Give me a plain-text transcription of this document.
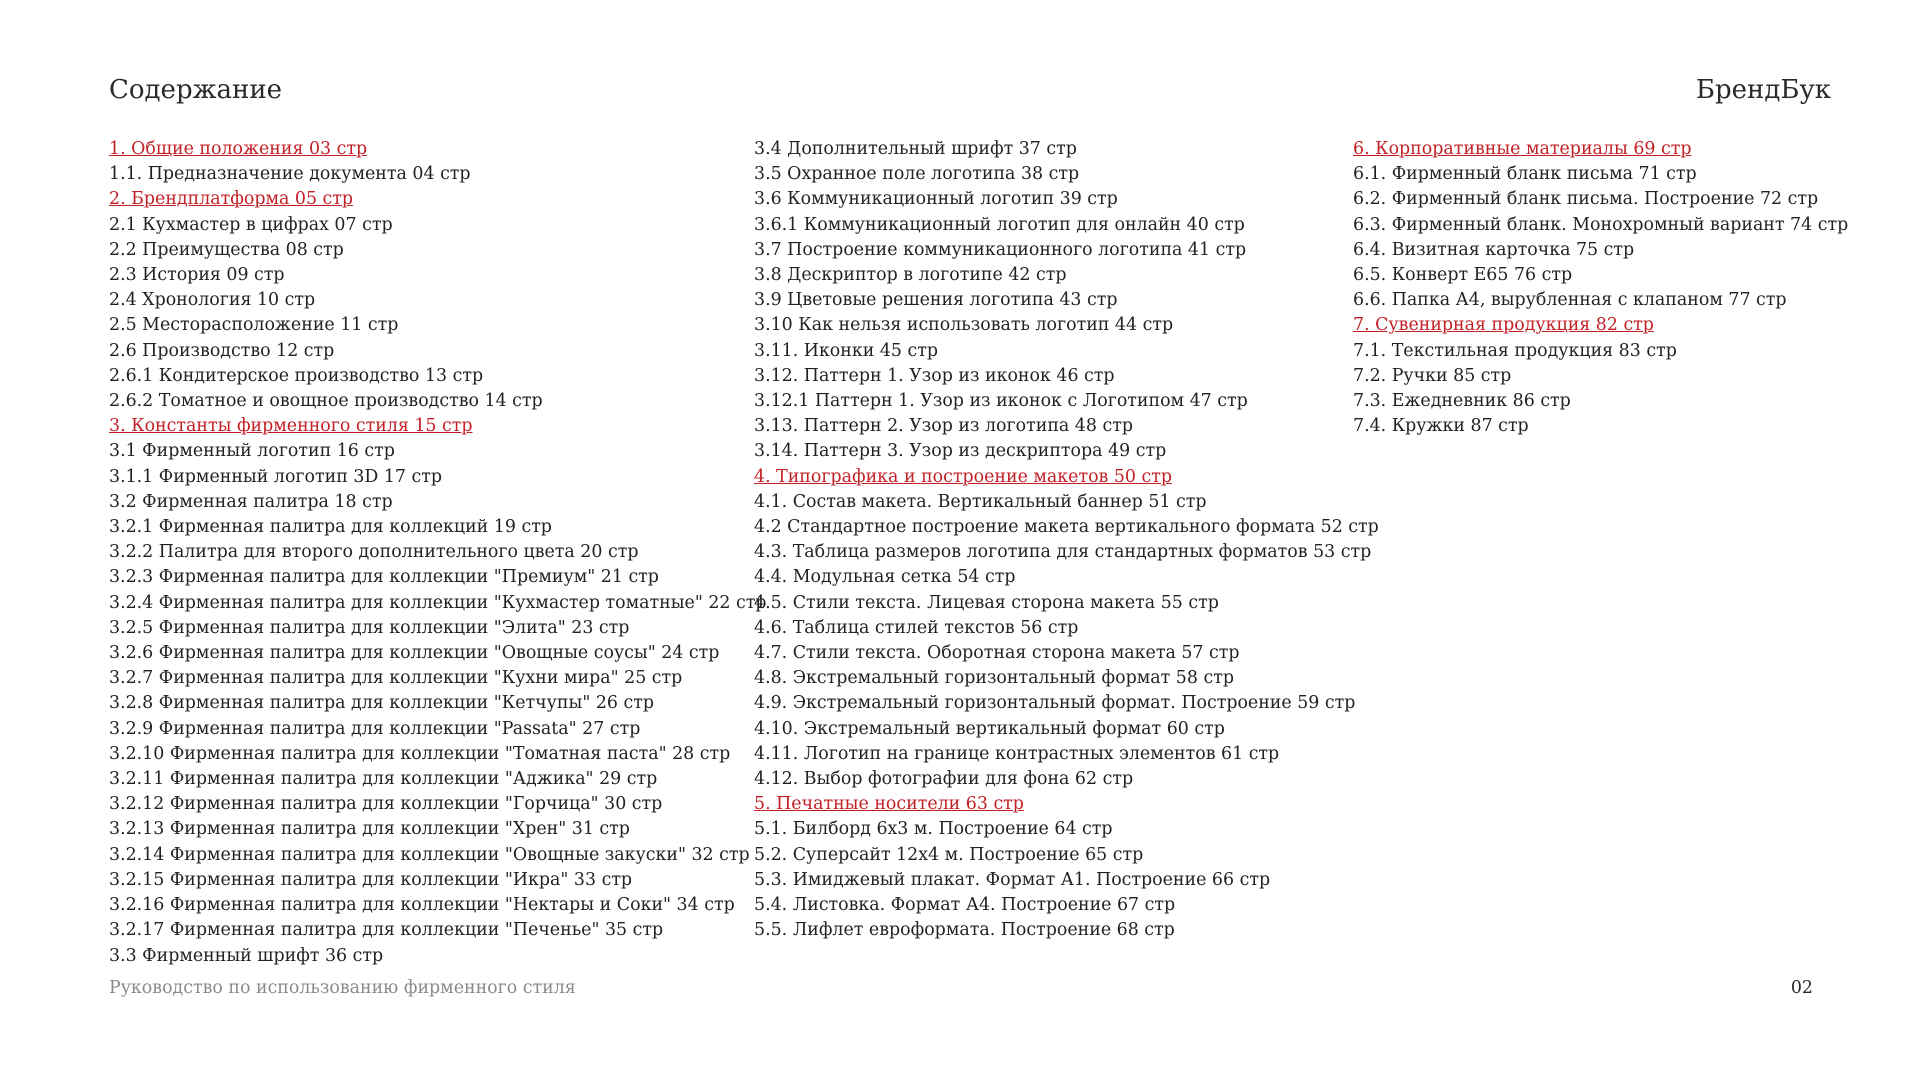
Содержание	БрендБук
1. Общие положения 03 стр
1.1. Предназначение документа 04 стр
2. Брендплатформа 05 стр
2.1 Кухмастер в цифрах 07 стр
2.2 Преимущества 08 стр
2.3 История 09 стр
2.4 Хронология 10 стр
2.5 Месторасположение 11 стр
2.6 Производство 12 стр
2.6.1 Кондитерское производство 13 стр
2.6.2 Томатное и овощное производство 14 стр
3. Константы фирменного стиля 15 стр
3.1 Фирменный логотип 16 стр
3.1.1 Фирменный логотип 3D 17 стр
3.2 Фирменная палитра 18 стр
3.2.1 Фирменная палитра для коллекций 19 стр
3.2.2 Палитра для второго дополнительного цвета 20 стр
3.2.3 Фирменная палитра для коллекции "Премиум" 21 стр
3.2.4 Фирменная палитра для коллекции "Кухмастер томатные" 22 стр
3.2.5 Фирменная палитра для коллекции "Элита" 23 стр
3.2.6 Фирменная палитра для коллекции "Овощные соусы" 24 стр
3.2.7 Фирменная палитра для коллекции "Кухни мира" 25 стр
3.2.8 Фирменная палитра для коллекции "Кетчупы" 26 стр
3.2.9 Фирменная палитра для коллекции "Passata" 27 стр
3.2.10 Фирменная палитра для коллекции "Томатная паста" 28 стр
3.2.11 Фирменная палитра для коллекции "Аджика" 29 стр
3.2.12 Фирменная палитра для коллекции "Горчица" 30 стр
3.2.13 Фирменная палитра для коллекции "Хрен" 31 стр
3.2.14 Фирменная палитра для коллекции "Овощные закуски" 32 стр
3.2.15 Фирменная палитра для коллекции "Икра" 33 стр
3.2.16 Фирменная палитра для коллекции "Нектары и Соки" 34 стр
3.2.17 Фирменная палитра для коллекции "Печенье" 35 стр
3.3 Фирменный шрифт 36 стр
3.4 Дополнительный шрифт 37 стр
3.5 Охранное поле логотипа 38 стр
3.6 Коммуникационный логотип 39 стр
3.6.1 Коммуникационный логотип для онлайн 40 стр
3.7 Построение коммуникационного логотипа 41 стр
3.8 Дескриптор в логотипе 42 стр
3.9 Цветовые решения логотипа 43 стр
3.10 Как нельзя использовать логотип 44 стр
3.11. Иконки 45 стр
3.12. Паттерн 1. Узор из иконок 46 стр
3.12.1 Паттерн 1. Узор из иконок с Логотипом 47 стр
3.13. Паттерн 2. Узор из логотипа 48 стр
3.14. Паттерн 3. Узор из дескриптора 49 стр
4. Типографика и построение макетов 50 стр
4.1. Состав макета. Вертикальный баннер 51 стр
4.2 Стандартное построение макета вертикального формата 52 стр
4.3. Таблица размеров логотипа для стандартных форматов 53 стр
4.4. Модульная сетка 54 стр
4.5. Стили текста. Лицевая сторона макета 55 стр
4.6. Таблица стилей текстов 56 стр
4.7. Стили текста. Оборотная сторона макета 57 стр
4.8. Экстремальный горизонтальный формат 58 стр
4.9. Экстремальный горизонтальный формат. Построение 59 стр
4.10. Экстремальный вертикальный формат 60 стр
4.11. Логотип на границе контрастных элементов 61 стр
4.12. Выбор фотографии для фона 62 стр
5. Печатные носители 63 стр
5.1. Билборд 6х3 м. Построение 64 стр
5.2. Суперсайт 12х4 м. Построение 65 стр
5.3. Имиджевый плакат. Формат А1. Построение 66 стр
5.4. Листовка. Формат А4. Построение 67 стр
5.5. Лифлет евроформата. Построение 68 стр
6. Корпоративные материалы 69 стр
6.1. Фирменный бланк письма 71 стр
6.2. Фирменный бланк письма. Построение 72 стр
6.3. Фирменный бланк. Монохромный вариант 74 стр
6.4. Визитная карточка 75 стр
6.5. Конверт Е65 76 стр
6.6. Папка А4, вырубленная с клапаном 77 стр
7. Сувенирная продукция 82 стр
7.1. Текстильная продукция 83 стр
7.2. Ручки 85 стр
7.3. Ежедневник 86 стр
7.4. Кружки 87 стр
Руководство по использованию фирменного стиля	02
